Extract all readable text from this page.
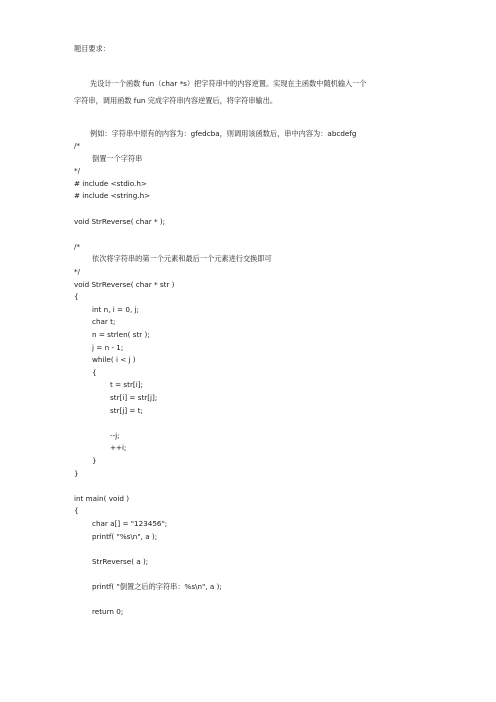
题目要求：
先设计一个函数 fun（char *s）把字符串中的内容逆置。实现在主函数中随机输入一个
字符串，调用函数 fun 完成字符串内容逆置后，将字符串输出。
例如：字符串中原有的内容为：gfedcba，则调用该函数后，串中内容为：abcdefg
/*
倒置一个字符串
*/
# include <stdio.h>
# include <string.h>
void StrReverse( char * );
/*
依次将字符串的第一个元素和最后一个元素进行交换即可
*/
void StrReverse( char * str )
{
int n, i = 0, j;
char t;
n = strlen( str );
j = n - 1;
while( i < j )
{
t = str[i];
str[i] = str[j];
str[j] = t;
--j;
++i;
}
}
int main( void )
{
char a[] = "123456";
printf( "%s\n", a );
StrReverse( a );
printf( "倒置之后的字符串：%s\n", a );
return 0;
